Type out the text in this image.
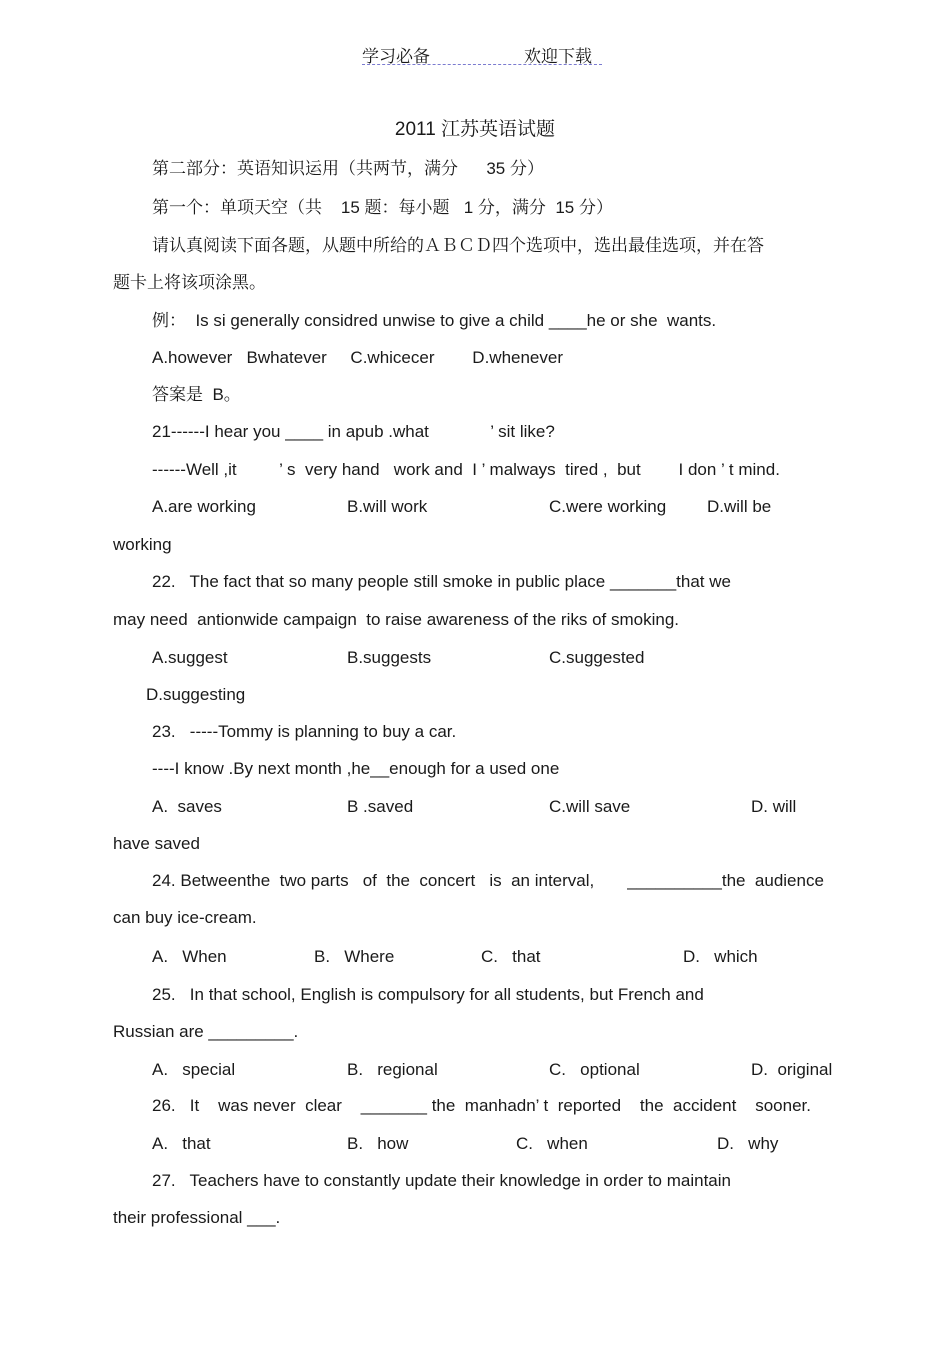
学习必备	欢迎下载
2011 江苏英语试题
第二部分：英语知识运用（共两节，满分      35 分）
第一个：单项天空（共    15 题：每小题   1 分，满分  15 分）
请认真阅读下面各题，从题中所给的ＡＢＣＤ四个选项中，选出最佳选项，并在答
题卡上将该项涂黑。
例：  Is si generally considred unwise to give a child ____he or she  wants.
A.however   Bwhatever     C.whicecer        D.whenever
答案是  B。
21------I hear you ____ in apub .what             ’ sit like?
------Well ,it         ’ s  very hand   work and  I ’ malways  tired ,  but        I don ’ t mind.
A.are working	B.will work	C.were working D.will be
working
22.   The fact that so many people still smoke in public place _______that we
may need  antionwide campaign  to raise awareness of the riks of smoking.
A.suggest	B.suggests	C.suggested
D.suggesting
23.   -----Tommy is planning to buy a car.
----I know .By next month ,he__enough for a used one
A.  saves	B .saved	C.will save	D. will
have saved
24. Betweenthe  two parts   of  the  concert   is  an interval,       __________the  audience
can buy ice-cream.
A.   When	B.   Where	C.   that	D.   which
25.   In that school, English is compulsory for all students, but French and
Russian are _________.
A.   special	B.   regional	C.   optional	D.  original
26.   It    was never  clear    _______ the  manhadn’ t  reported    the  accident    sooner.
A.   that	B.   how	C.   when	D.   why
27.   Teachers have to constantly update their knowledge in order to maintain
their professional ___.
